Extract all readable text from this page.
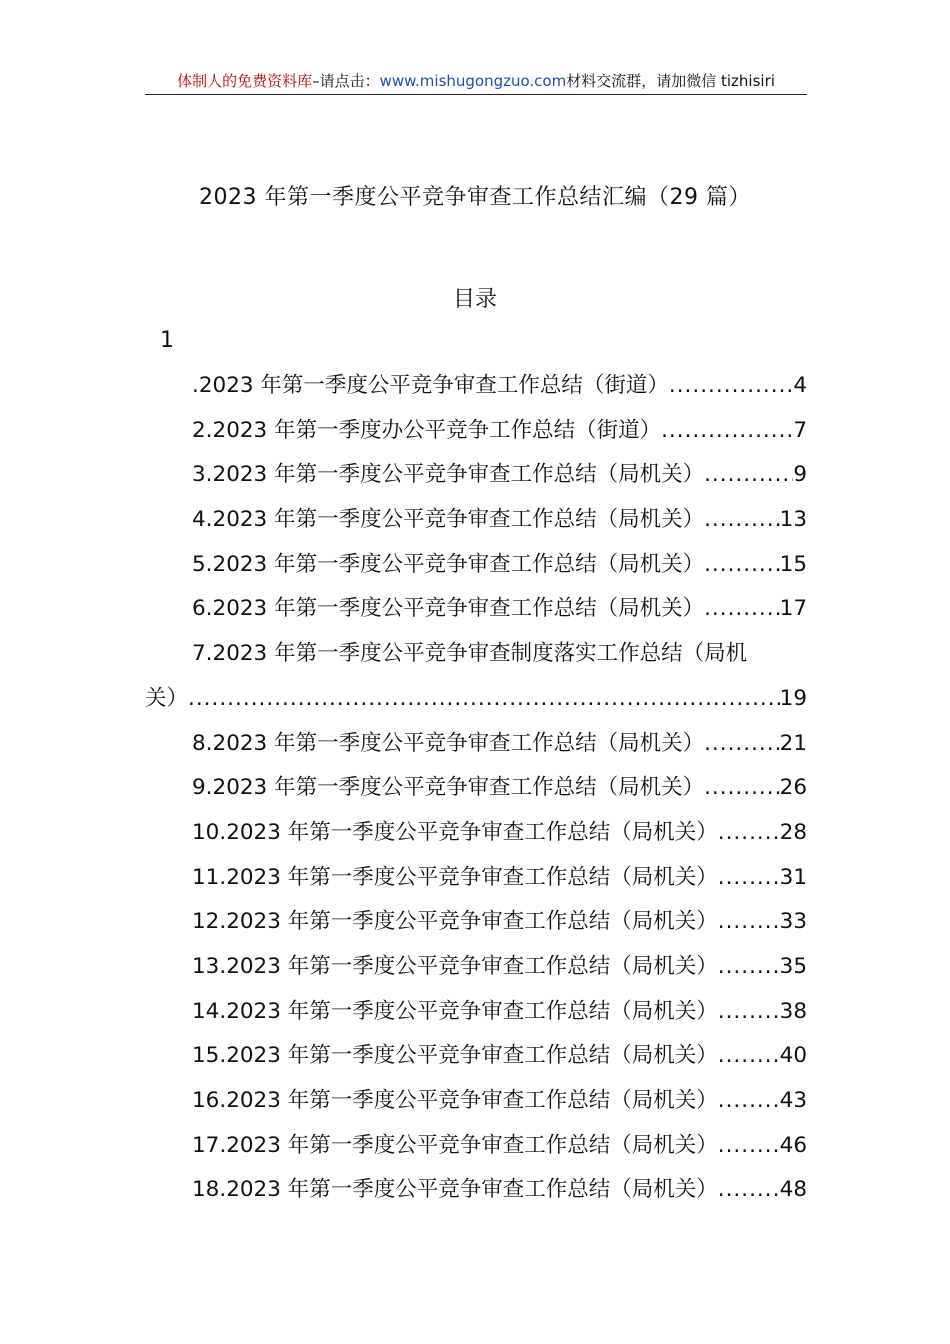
体制人的免费资料库–请点击：www.mishugongzuo.com材料交流群，请加微信 tizhisiri
2023 年第一季度公平竞争审查工作总结汇编（29 篇）
目录
1
.2023 年第一季度公平竞争审查工作总结（街道） .....	4
2.2023 年第一季度办公平竞争工作总结（街道） .....	7
3.2023 年第一季度公平竞争审查工作总结（局机关） .....	9
4.2023 年第一季度公平竞争审查工作总结（局机关） .....	13
5.2023 年第一季度公平竞争审查工作总结（局机关） .....	15
6.2023 年第一季度公平竞争审查工作总结（局机关） .....	17
7.2023 年第一季度公平竞争审查制度落实工作总结（局机
关） .....	19
8.2023 年第一季度公平竞争审查工作总结（局机关） .....	21
9.2023 年第一季度公平竞争审查工作总结（局机关） .....	26
10.2023 年第一季度公平竞争审查工作总结（局机关） .....	28
11.2023 年第一季度公平竞争审查工作总结（局机关） .....	31
12.2023 年第一季度公平竞争审查工作总结（局机关） .....	33
13.2023 年第一季度公平竞争审查工作总结（局机关） .....	35
14.2023 年第一季度公平竞争审查工作总结（局机关） .....	38
15.2023 年第一季度公平竞争审查工作总结（局机关） .....	40
16.2023 年第一季度公平竞争审查工作总结（局机关） .....	43
17.2023 年第一季度公平竞争审查工作总结（局机关） .....	46
18.2023 年第一季度公平竞争审查工作总结（局机关） .....	48
